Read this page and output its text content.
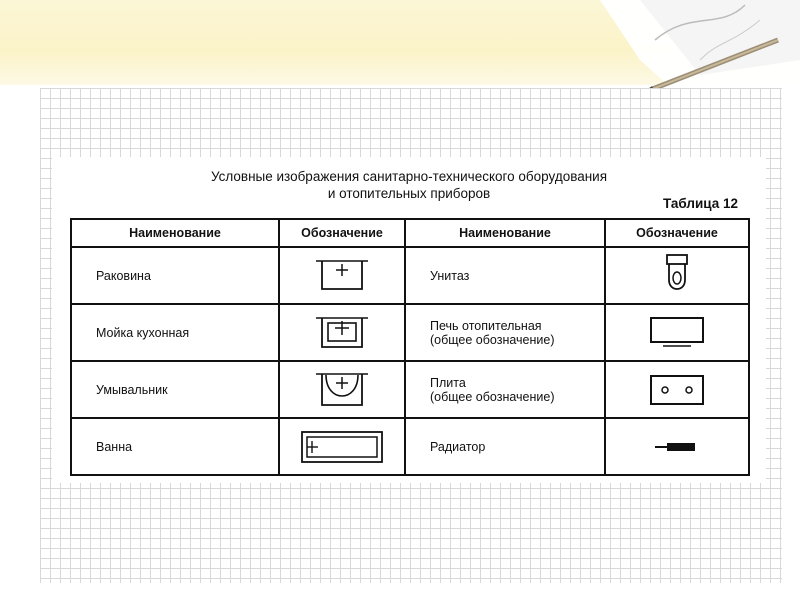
Условные изображения санитарно-технического оборудования
и отопительных приборов
Таблица 12
Наименование	Обозначение	Наименование	Обозначение
Раковина		Унитаз	

Мойка кухонная		Печь отопительная
(общее обозначение)

Умывальник		Плита
(общее обозначение)

Ванна		Радиатор	
